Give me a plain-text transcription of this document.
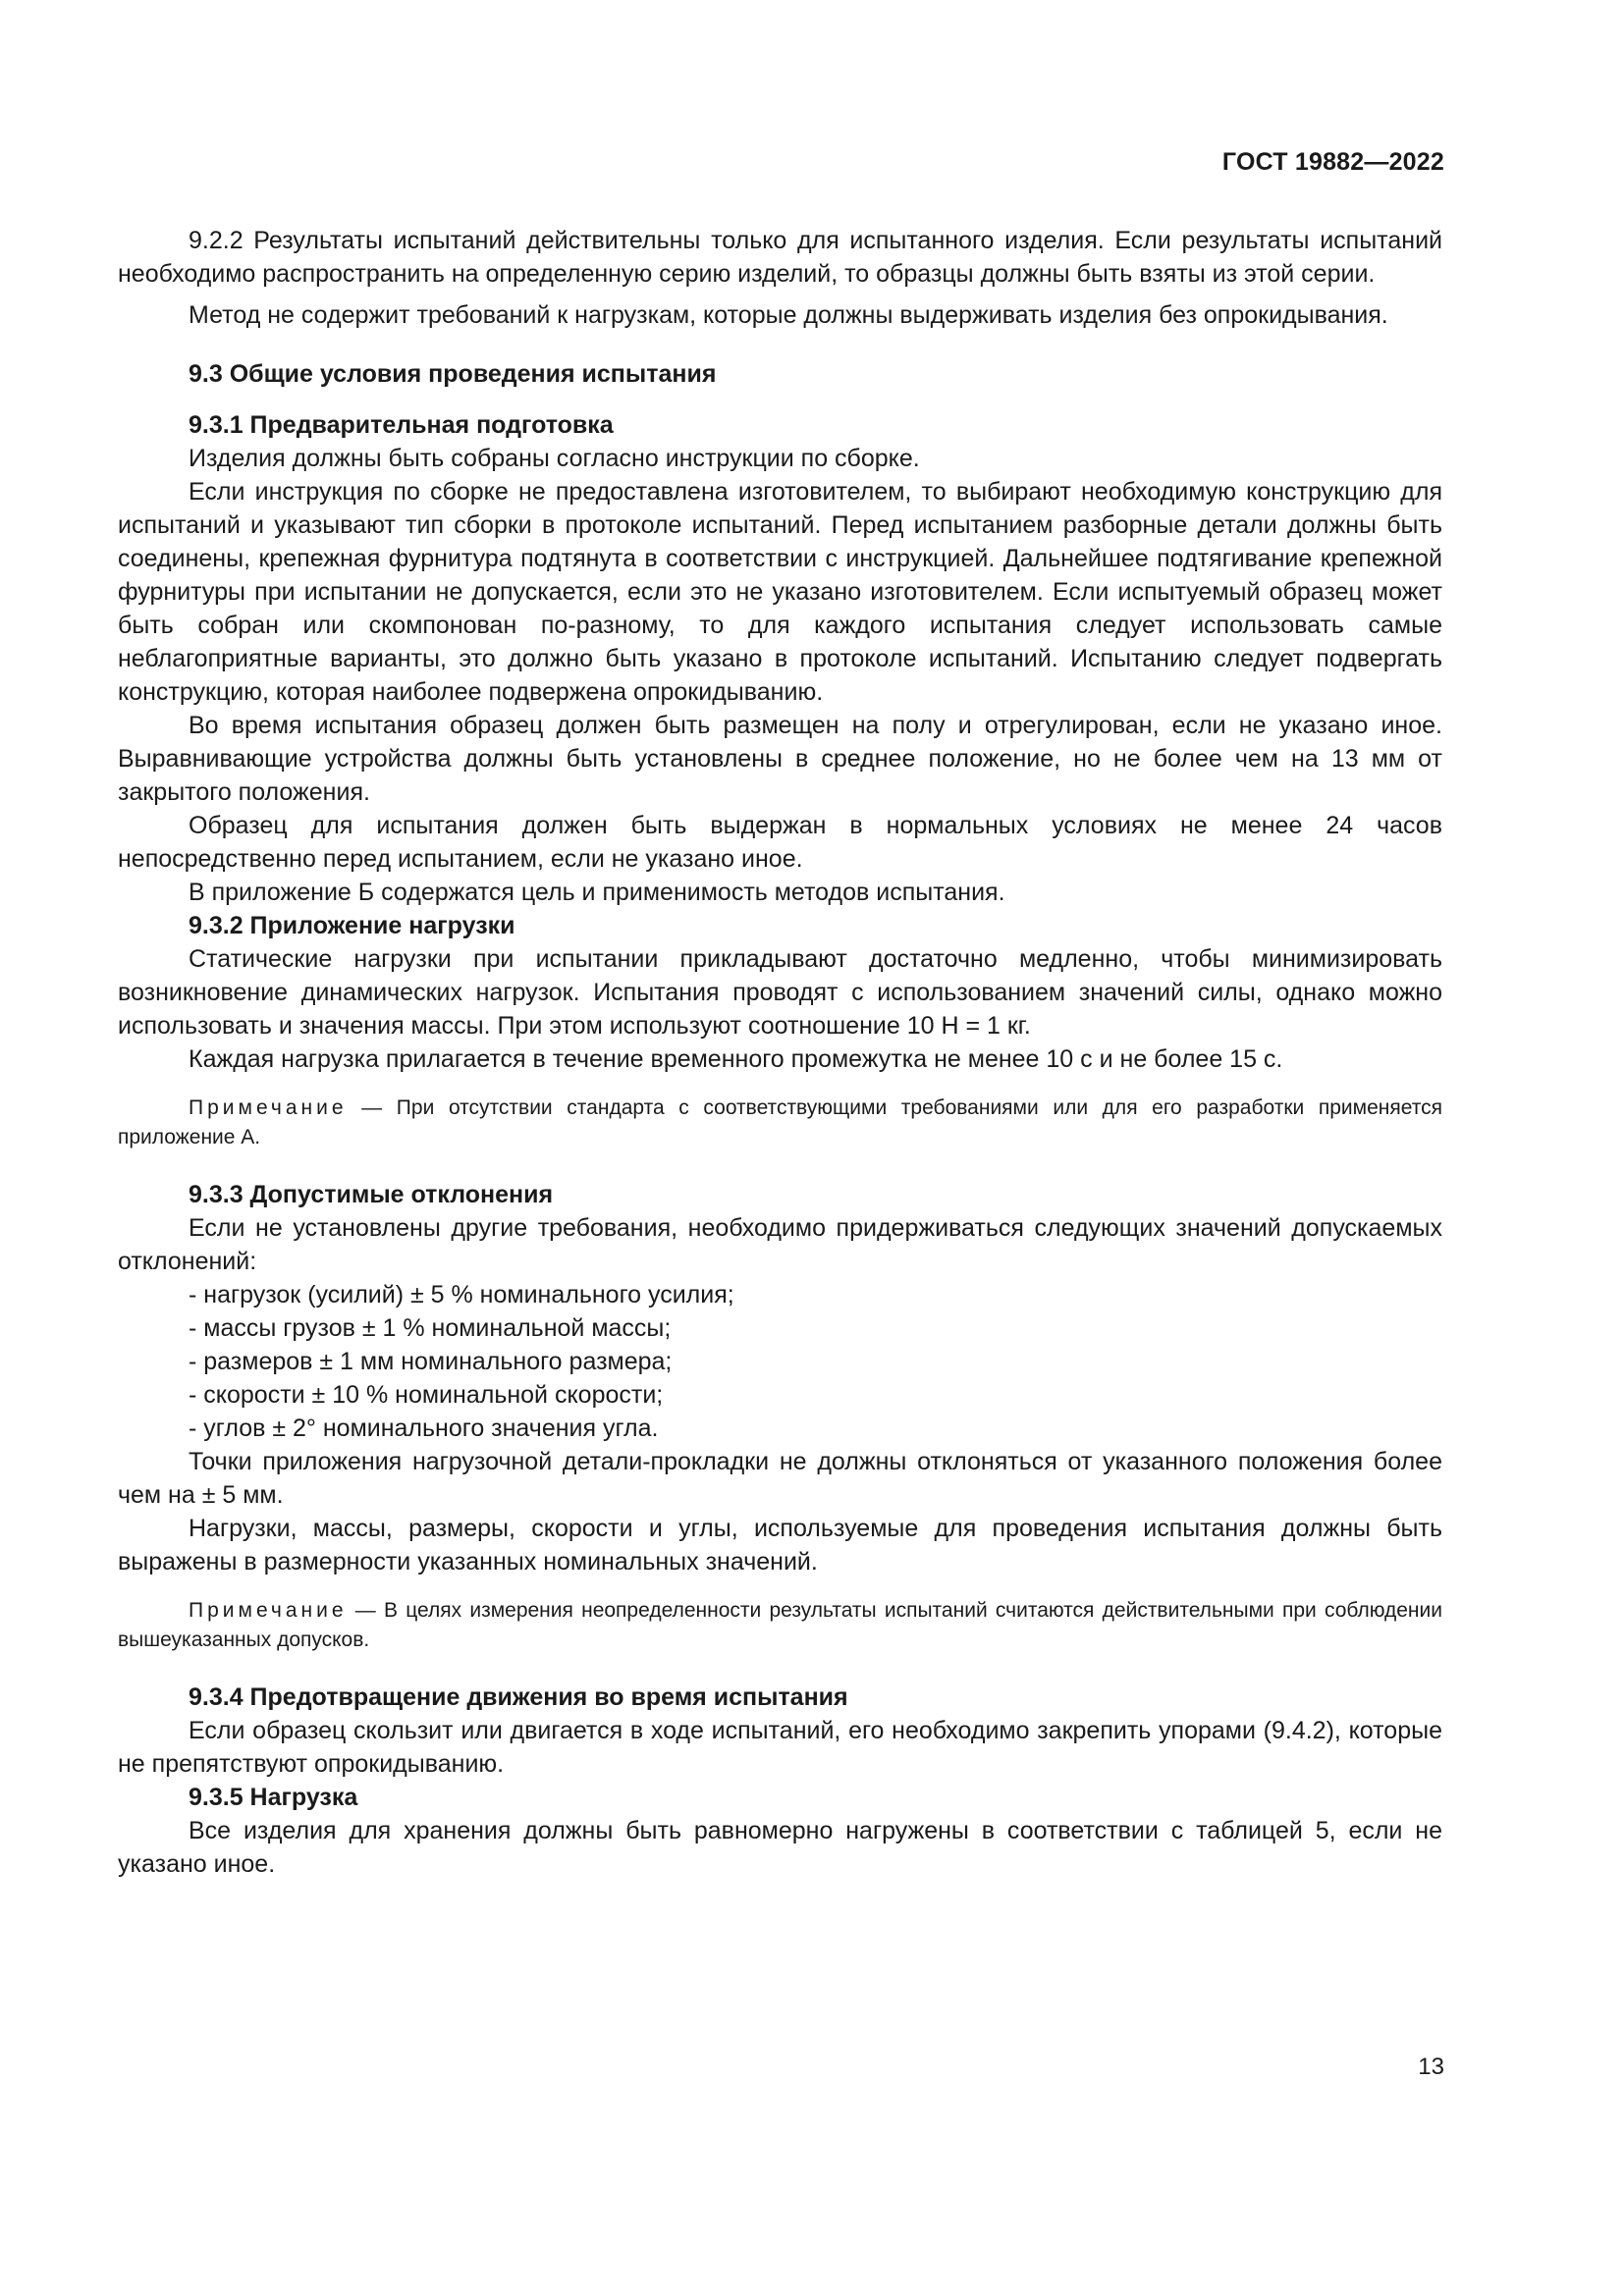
ГОСТ 19882—2022

9.2.2 Результаты испытаний действительны только для испытанного изделия. Если результаты испытаний необходимо распространить на определенную серию изделий, то образцы должны быть взяты из этой серии.

Метод не содержит требований к нагрузкам, которые должны выдерживать изделия без опрокидывания.

9.3 Общие условия проведения испытания

9.3.1 Предварительная подготовка

Изделия должны быть собраны согласно инструкции по сборке.

Если инструкция по сборке не предоставлена изготовителем, то выбирают необходимую конструкцию для испытаний и указывают тип сборки в протоколе испытаний. Перед испытанием разборные детали должны быть соединены, крепежная фурнитура подтянута в соответствии с инструкцией. Дальнейшее подтягивание крепежной фурнитуры при испытании не допускается, если это не указано изготовителем. Если испытуемый образец может быть собран или скомпонован по-разному, то для каждого испытания следует использовать самые неблагоприятные варианты, это должно быть указано в протоколе испытаний. Испытанию следует подвергать конструкцию, которая наиболее подвержена опрокидыванию.

Во время испытания образец должен быть размещен на полу и отрегулирован, если не указано иное. Выравнивающие устройства должны быть установлены в среднее положение, но не более чем на 13 мм от закрытого положения.

Образец для испытания должен быть выдержан в нормальных условиях не менее 24 часов непосредственно перед испытанием, если не указано иное.

В приложение Б содержатся цель и применимость методов испытания.

9.3.2 Приложение нагрузки

Статические нагрузки при испытании прикладывают достаточно медленно, чтобы минимизировать возникновение динамических нагрузок. Испытания проводят с использованием значений силы, однако можно использовать и значения массы. При этом используют соотношение 10 Н = 1 кг.

Каждая нагрузка прилагается в течение временного промежутка не менее 10 с и не более 15 с.

Примечание — При отсутствии стандарта с соответствующими требованиями или для его разработки применяется приложение А.

9.3.3 Допустимые отклонения

Если не установлены другие требования, необходимо придерживаться следующих значений допускаемых отклонений:

- нагрузок (усилий) ± 5 % номинального усилия;

- массы грузов ± 1 % номинальной массы;

- размеров ± 1 мм номинального размера;

- скорости ± 10 % номинальной скорости;

- углов ± 2° номинального значения угла.

Точки приложения нагрузочной детали-прокладки не должны отклоняться от указанного положения более чем на ± 5 мм.

Нагрузки, массы, размеры, скорости и углы, используемые для проведения испытания должны быть выражены в размерности указанных номинальных значений.

Примечание — В целях измерения неопределенности результаты испытаний считаются действительными при соблюдении вышеуказанных допусков.

9.3.4 Предотвращение движения во время испытания

Если образец скользит или двигается в ходе испытаний, его необходимо закрепить упорами (9.4.2), которые не препятствуют опрокидыванию.

9.3.5 Нагрузка

Все изделия для хранения должны быть равномерно нагружены в соответствии с таблицей 5, если не указано иное.

13
